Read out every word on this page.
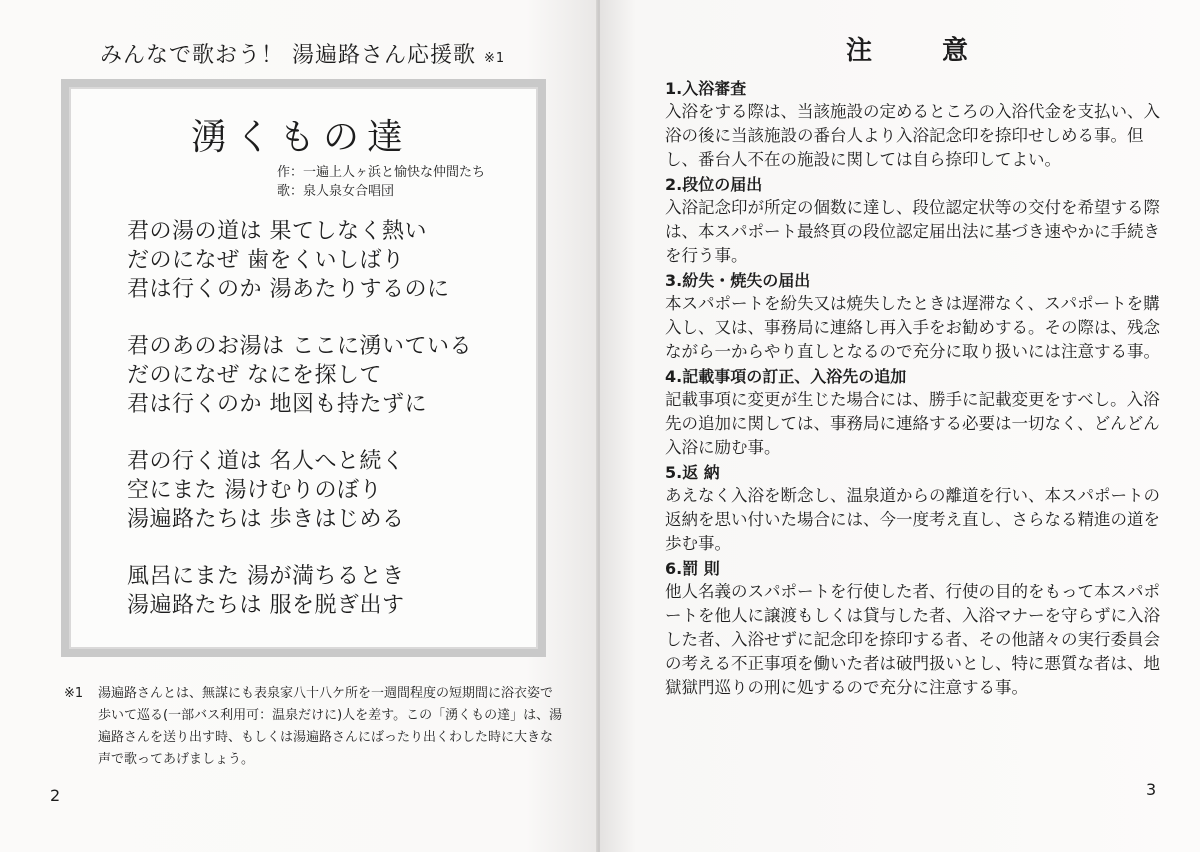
みんなで歌おう！ 湯遍路さん応援歌 ※1
湧くもの達
作：一遍上人ヶ浜と愉快な仲間たち
歌：泉人泉女合唱団
君の湯の道は 果てしなく熱い
だのになぜ 歯をくいしばり
君は行くのか 湯あたりするのに
君のあのお湯は ここに湧いている
だのになぜ なにを探して
君は行くのか 地図も持たずに
君の行く道は 名人へと続く
空にまた 湯けむりのぼり
湯遍路たちは 歩きはじめる
風呂にまた 湯が満ちるとき
湯遍路たちは 服を脱ぎ出す
※1 湯遍路さんとは、無謀にも表泉家八十八ケ所を一週間程度の短期間に浴衣姿で歩いて巡る(一部バス利用可：温泉だけに)人を差す。この「湧くもの達」は、湯遍路さんを送り出す時、もしくは湯遍路さんにばったり出くわした時に大きな声で歌ってあげましょう。
2
注　意
1.入浴審査
入浴をする際は、当該施設の定めるところの入浴代金を支払い、入浴の後に当該施設の番台人より入浴記念印を捺印せしめる事。但し、番台人不在の施設に関しては自ら捺印してよい。
2.段位の届出
入浴記念印が所定の個数に達し、段位認定状等の交付を希望する際は、本スパポート最終頁の段位認定届出法に基づき速やかに手続きを行う事。
3.紛失・焼失の届出
本スパポートを紛失又は焼失したときは遅滞なく、スパポートを購入し、又は、事務局に連絡し再入手をお勧めする。その際は、残念ながら一からやり直しとなるので充分に取り扱いには注意する事。
4.記載事項の訂正、入浴先の追加
記載事項に変更が生じた場合には、勝手に記載変更をすべし。入浴先の追加に関しては、事務局に連絡する必要は一切なく、どんどん入浴に励む事。
5.返 納
あえなく入浴を断念し、温泉道からの離道を行い、本スパポートの返納を思い付いた場合には、今一度考え直し、さらなる精進の道を歩む事。
6.罰 則
他人名義のスパポートを行使した者、行使の目的をもって本スパポートを他人に譲渡もしくは貸与した者、入浴マナーを守らずに入浴した者、入浴せずに記念印を捺印する者、その他諸々の実行委員会の考える不正事項を働いた者は破門扱いとし、特に悪質な者は、地獄獄門巡りの刑に処するので充分に注意する事。
3
